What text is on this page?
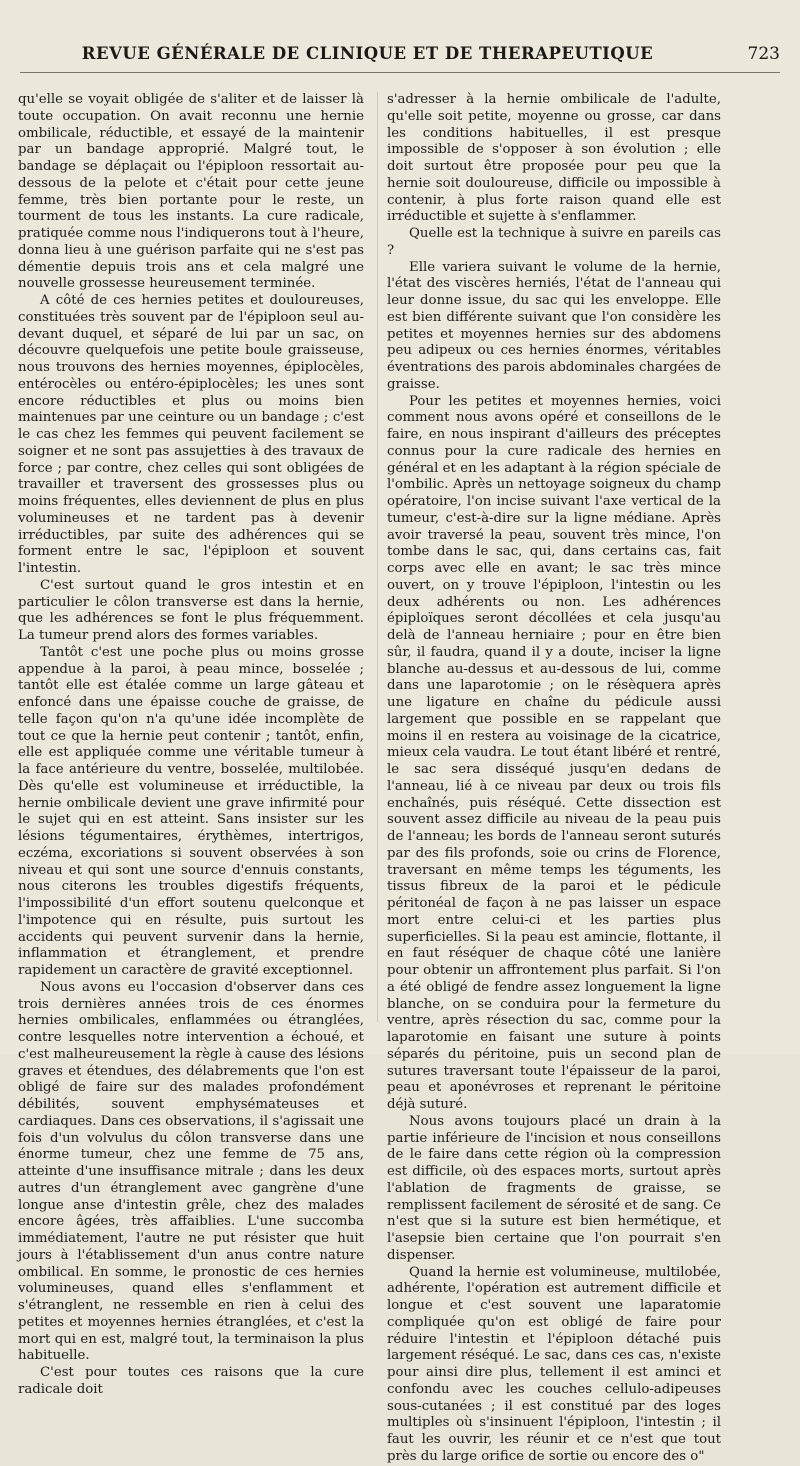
REVUE GÉNÉRALE DE CLINIQUE ET DE THERAPEUTIQUE	723

qu'elle se voyait obligée de s'aliter et de laisser là toute occupation. On avait reconnu une hernie ombilicale, réductible, et essayé de la maintenir par un bandage approprié. Malgré tout, le bandage se déplaçait ou l'épiploon ressortait au-dessous de la pelote et c'était pour cette jeune femme, très bien portante pour le reste, un tourment de tous les instants. La cure radicale, pratiquée comme nous l'indiquerons tout à l'heure, donna lieu à une guérison parfaite qui ne s'est pas démentie depuis trois ans et cela malgré une nouvelle grossesse heureusement terminée.

A côté de ces hernies petites et douloureuses, constituées très souvent par de l'épiploon seul au-devant duquel, et séparé de lui par un sac, on découvre quelquefois une petite boule graisseuse, nous trouvons des hernies moyennes, épiplocèles, entérocèles ou entéro-épiplocèles; les unes sont encore réductibles et plus ou moins bien maintenues par une ceinture ou un bandage ; c'est le cas chez les femmes qui peuvent facilement se soigner et ne sont pas assujetties à des travaux de force ; par contre, chez celles qui sont obligées de travailler et traversent des grossesses plus ou moins fréquentes, elles deviennent de plus en plus volumineuses et ne tardent pas à devenir irréductibles, par suite des adhérences qui se forment entre le sac, l'épiploon et souvent l'intestin.

C'est surtout quand le gros intestin et en particulier le côlon transverse est dans la hernie, que les adhérences se font le plus fréquemment. La tumeur prend alors des formes variables.

Tantôt c'est une poche plus ou moins grosse appendue à la paroi, à peau mince, bosselée ; tantôt elle est étalée comme un large gâteau et enfoncé dans une épaisse couche de graisse, de telle façon qu'on n'a qu'une idée incomplète de tout ce que la hernie peut contenir ; tantôt, enfin, elle est appliquée comme une véritable tumeur à la face antérieure du ventre, bosselée, multilobée. Dès qu'elle est volumineuse et irréductible, la hernie ombilicale devient une grave infirmité pour le sujet qui en est atteint. Sans insister sur les lésions tégumentaires, érythèmes, intertrigos, eczéma, excoriations si souvent observées à son niveau et qui sont une source d'ennuis constants, nous citerons les troubles digestifs fréquents, l'impossibilité d'un effort soutenu quelconque et l'impotence qui en résulte, puis surtout les accidents qui peuvent survenir dans la hernie, inflammation et étranglement, et prendre rapidement un caractère de gravité exceptionnel.

Nous avons eu l'occasion d'observer dans ces trois dernières années trois de ces énormes hernies ombilicales, enflammées ou étranglées, contre lesquelles notre intervention a échoué, et c'est malheureusement la règle à cause des lésions graves et étendues, des délabrements que l'on est obligé de faire sur des malades profondément débilités, souvent emphysémateuses et cardiaques. Dans ces observations, il s'agissait une fois d'un volvulus du côlon transverse dans une énorme tumeur, chez une femme de 75 ans, atteinte d'une insuffisance mitrale ; dans les deux autres d'un étranglement avec gangrène d'une longue anse d'intestin grêle, chez des malades encore âgées, très affaiblies. L'une succomba immédiatement, l'autre ne put résister que huit jours à l'établissement d'un anus contre nature ombilical. En somme, le pronostic de ces hernies volumineuses, quand elles s'enflamment et s'étranglent, ne ressemble en rien à celui des petites et moyennes hernies étranglées, et c'est la mort qui en est, malgré tout, la terminaison la plus habituelle.

C'est pour toutes ces raisons que la cure radicale doit

s'adresser à la hernie ombilicale de l'adulte, qu'elle soit petite, moyenne ou grosse, car dans les conditions habituelles, il est presque impossible de s'opposer à son évolution ; elle doit surtout être proposée pour peu que la hernie soit douloureuse, difficile ou impossible à contenir, à plus forte raison quand elle est irréductible et sujette à s'enflammer.

Quelle est la technique à suivre en pareils cas ?

Elle variera suivant le volume de la hernie, l'état des viscères herniés, l'état de l'anneau qui leur donne issue, du sac qui les enveloppe. Elle est bien différente suivant que l'on considère les petites et moyennes hernies sur des abdomens peu adipeux ou ces hernies énormes, véritables éventrations des parois abdominales chargées de graisse.

Pour les petites et moyennes hernies, voici comment nous avons opéré et conseillons de le faire, en nous inspirant d'ailleurs des préceptes connus pour la cure radicale des hernies en général et en les adaptant à la région spéciale de l'ombilic. Après un nettoyage soigneux du champ opératoire, l'on incise suivant l'axe vertical de la tumeur, c'est-à-dire sur la ligne médiane. Après avoir traversé la peau, souvent très mince, l'on tombe dans le sac, qui, dans certains cas, fait corps avec elle en avant; le sac très mince ouvert, on y trouve l'épiploon, l'intestin ou les deux adhérents ou non. Les adhérences épiploïques seront décollées et cela jusqu'au delà de l'anneau herniaire ; pour en être bien sûr, il faudra, quand il y a doute, inciser la ligne blanche au-dessus et au-dessous de lui, comme dans une laparotomie ; on le résèquera après une ligature en chaîne du pédicule aussi largement que possible en se rappelant que moins il en restera au voisinage de la cicatrice, mieux cela vaudra. Le tout étant libéré et rentré, le sac sera disséqué jusqu'en dedans de l'anneau, lié à ce niveau par deux ou trois fils enchaînés, puis réséqué. Cette dissection est souvent assez difficile au niveau de la peau puis de l'anneau; les bords de l'anneau seront suturés par des fils profonds, soie ou crins de Florence, traversant en même temps les téguments, les tissus fibreux de la paroi et le pédicule péritonéal de façon à ne pas laisser un espace mort entre celui-ci et les parties plus superficielles. Si la peau est amincie, flottante, il en faut réséquer de chaque côté une lanière pour obtenir un affrontement plus parfait. Si l'on a été obligé de fendre assez longuement la ligne blanche, on se conduira pour la fermeture du ventre, après résection du sac, comme pour la laparotomie en faisant une suture à points séparés du péritoine, puis un second plan de sutures traversant toute l'épaisseur de la paroi, peau et aponévroses et reprenant le péritoine déjà suturé.

Nous avons toujours placé un drain à la partie inférieure de l'incision et nous conseillons de le faire dans cette région où la compression est difficile, où des espaces morts, surtout après l'ablation de fragments de graisse, se remplissent facilement de sérosité et de sang. Ce n'est que si la suture est bien hermétique, et l'asepsie bien certaine que l'on pourrait s'en dispenser.

Quand la hernie est volumineuse, multilobée, adhérente, l'opération est autrement difficile et longue et c'est souvent une laparatomie compliquée qu'on est obligé de faire pour réduire l'intestin et l'épiploon détaché puis largement réséqué. Le sac, dans ces cas, n'existe pour ainsi dire plus, tellement il est aminci et confondu avec les couches cellulo-adipeuses sous-cutanées ; il est constitué par des loges multiples où s'insinuent l'épiploon, l'intestin ; il faut les ouvrir, les réunir et ce n'est que tout près du large orifice de sortie ou encore des o"
